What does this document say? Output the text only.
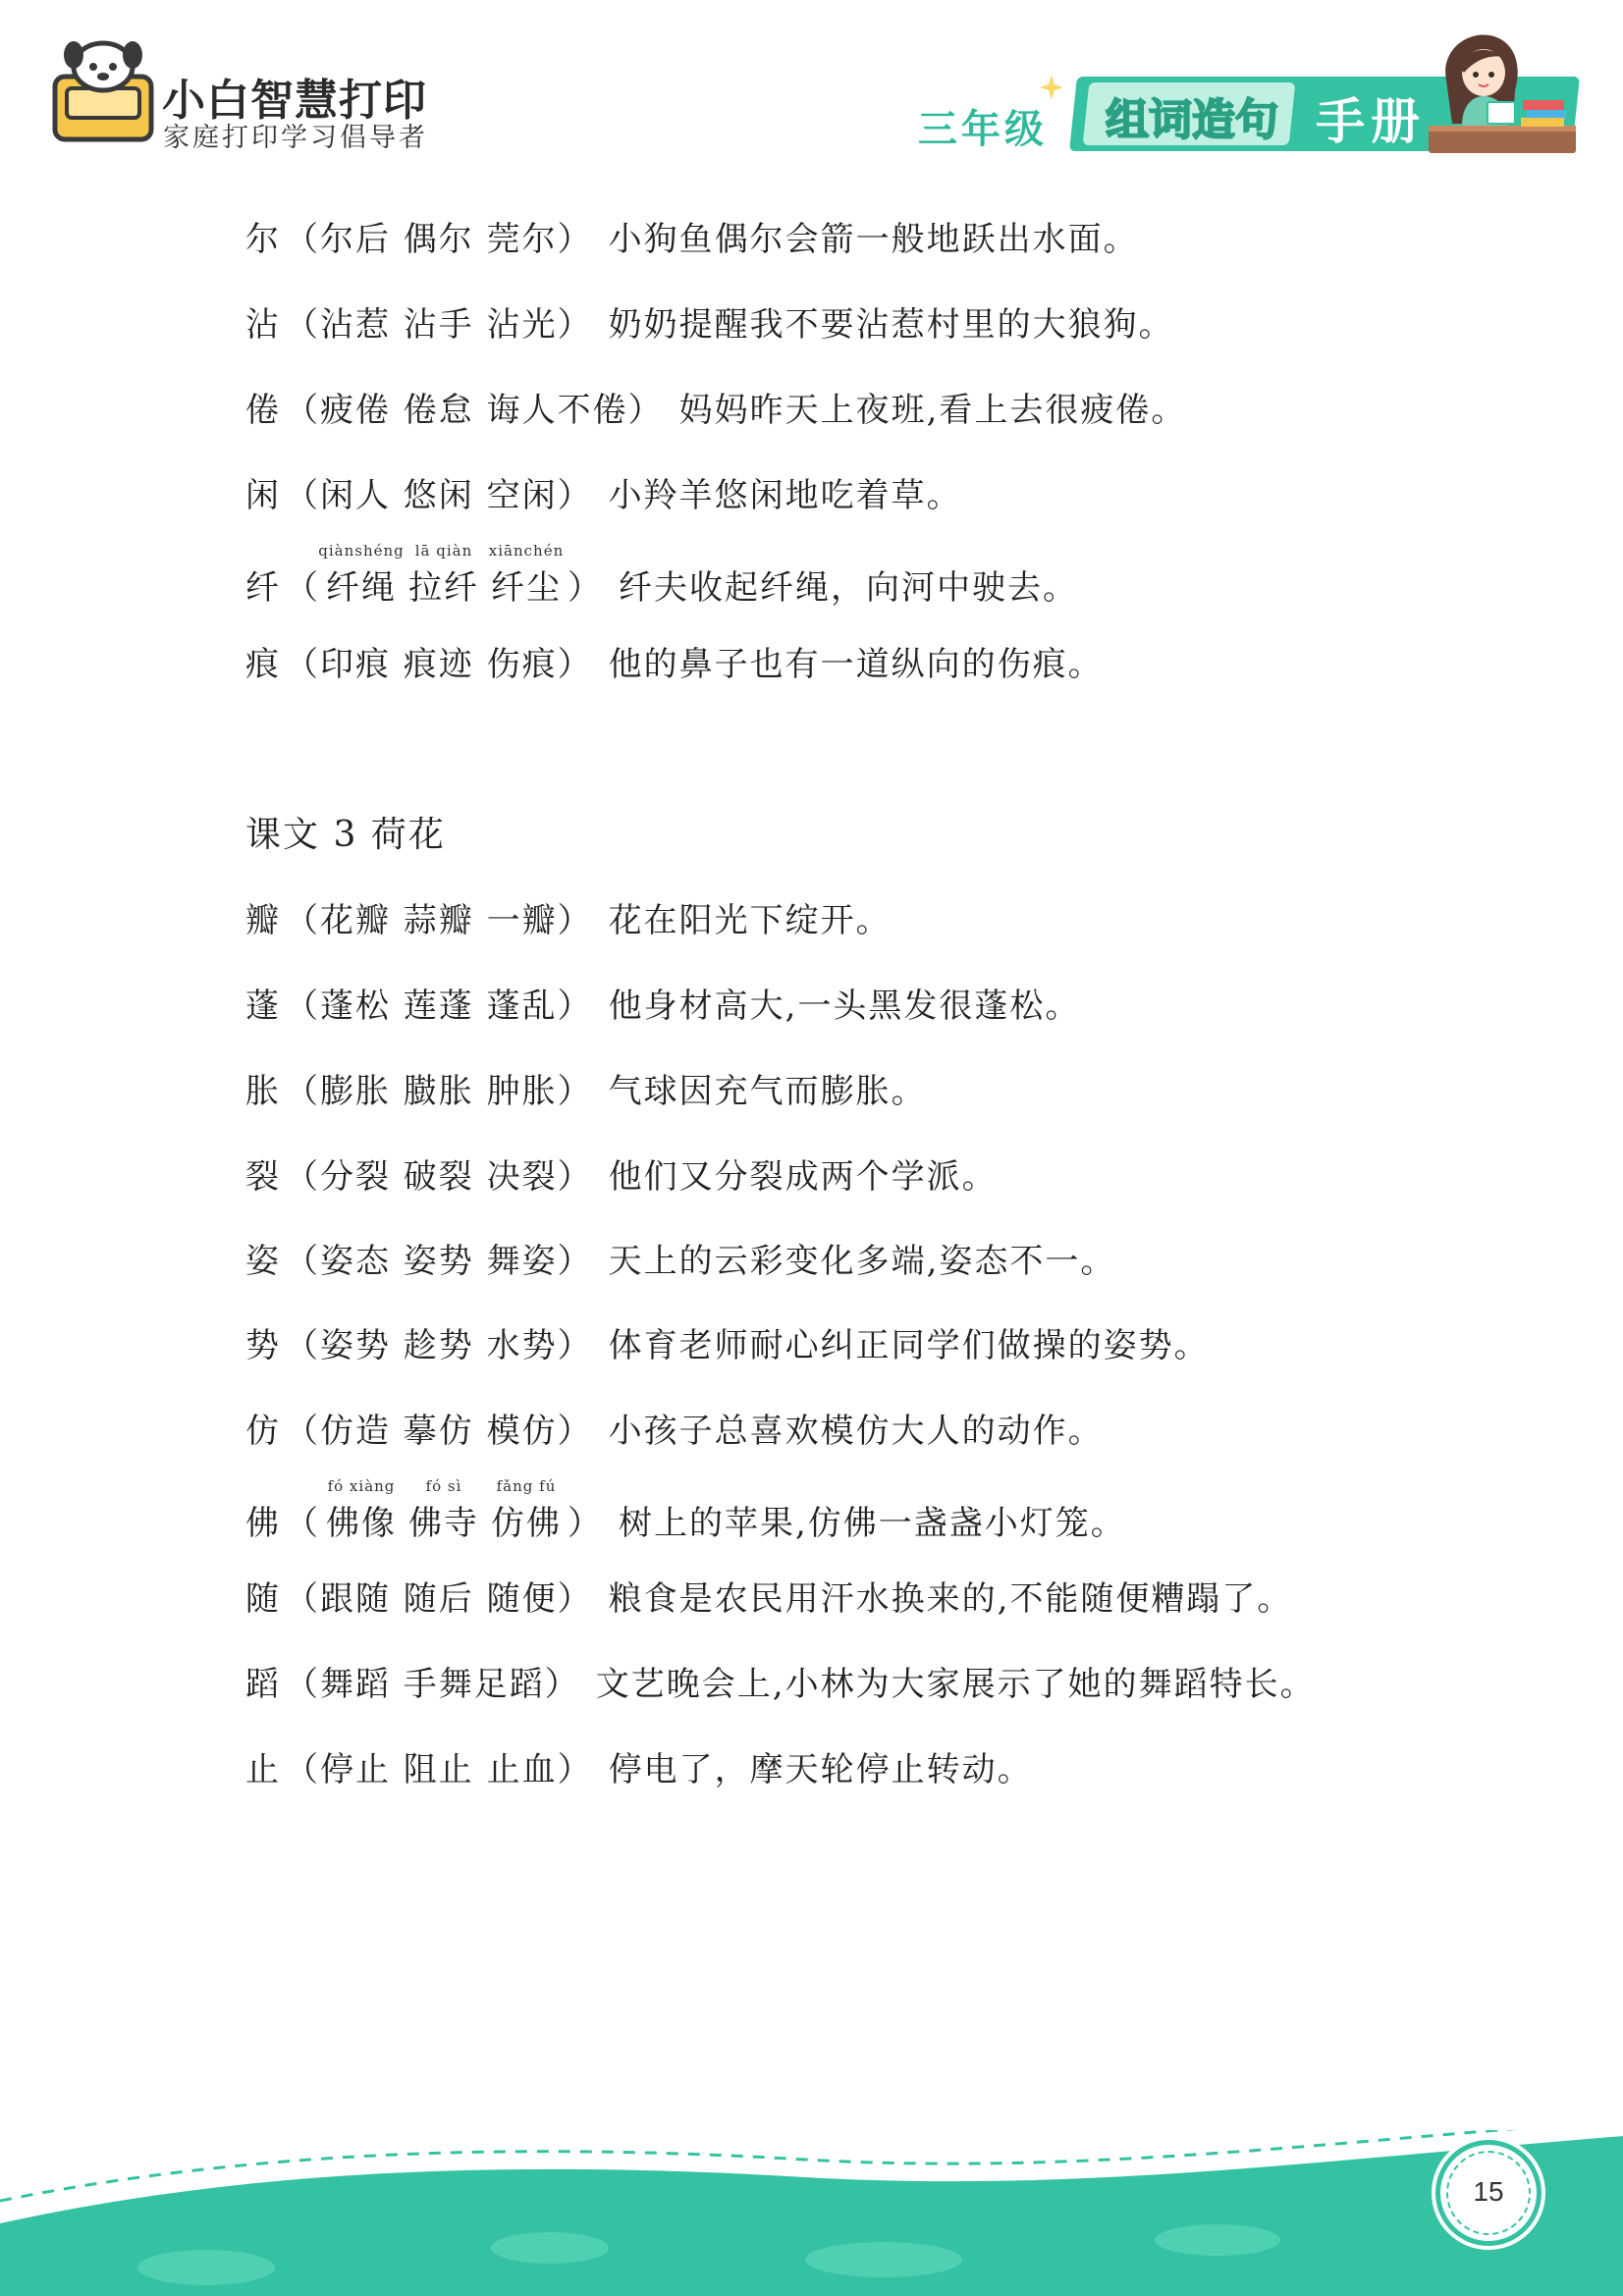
小白智慧打印
家庭打印学习倡导者	三年级 组词造句 手册
尔 （尔后 偶尔 莞尔） 小狗鱼偶尔会箭一般地跃出水面。
沾 （沾惹 沾手 沾光） 奶奶提醒我不要沾惹村里的大狼狗。
倦 （疲倦 倦怠 诲人不倦） 妈妈昨天上夜班,看上去很疲倦。
闲 （闲人 悠闲 空闲） 小羚羊悠闲地吃着草。
纤 （
qiànshéng
纤绳
lā qiàn
拉纤
xiānchén
纤尘 ） 纤夫收起纤绳，向河中驶去。
痕 （印痕 痕迹 伤痕） 他的鼻子也有一道纵向的伤痕。
课文 3 荷花
瓣 （花瓣 蒜瓣 一瓣） 花在阳光下绽开。
蓬 （蓬松 莲蓬 蓬乱） 他身材高大,一头黑发很蓬松。
胀 （膨胀 臌胀 肿胀） 气球因充气而膨胀。
裂 （分裂 破裂 决裂） 他们又分裂成两个学派。
姿 （姿态 姿势 舞姿） 天上的云彩变化多端,姿态不一。
势 （姿势 趁势 水势） 体育老师耐心纠正同学们做操的姿势。
仿 （仿造 摹仿 模仿） 小孩子总喜欢模仿大人的动作。
佛 （
fó xiàng
佛像
fó sì
佛寺
fǎng fú
仿佛 ） 树上的苹果,仿佛一盏盏小灯笼。
随 （跟随 随后 随便） 粮食是农民用汗水换来的,不能随便糟蹋了。
蹈 （舞蹈 手舞足蹈） 文艺晚会上,小林为大家展示了她的舞蹈特长。
止 （停止 阻止 止血） 停电了，摩天轮停止转动。
15
